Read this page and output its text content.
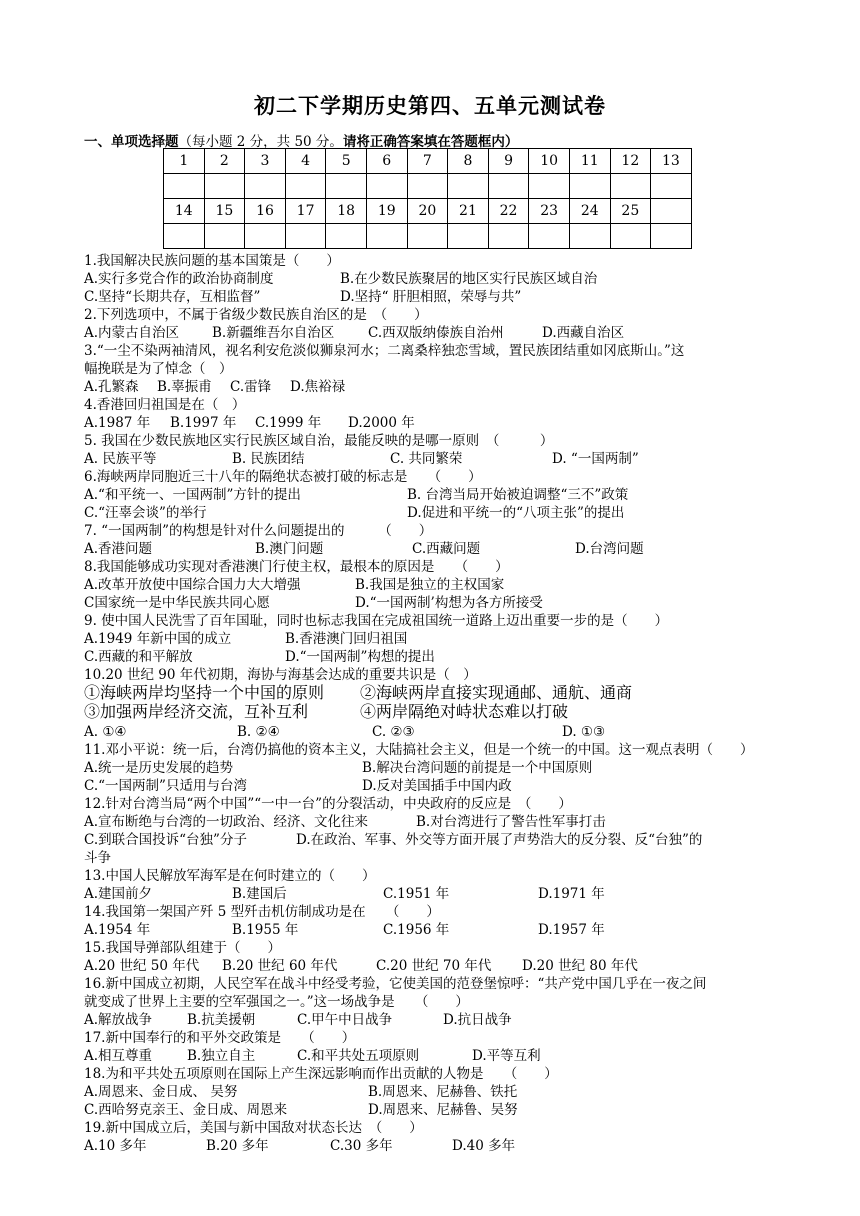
初二下学期历史第四、五单元测试卷
一、单项选择题（每小题 2 分，共 50 分。请将正确答案填在答题框内）
1	2	3	4	5	6	7	8	9	10	11	12	13

14	15	16	17	18	19	20	21	22	23	24	25	

1.我国解决民族问题的基本国策是（　　）
A.实行多党合作的政治协商制度	B.在少数民族聚居的地区实行民族区域自治
C.坚持“长期共存，互相监督”	D.坚持“ 肝胆相照，荣辱与共”
2.下列选项中，不属于省级少数民族自治区的是　（　　）
A.内蒙古自治区 B.新疆维吾尔自治区	C.西双版纳傣族自治州	D.西藏自治区
3.“一尘不染两袖清风，视名利安危淡似狮泉河水；二离桑梓独恋雪域，置民族团结重如冈底斯山。”这
幅挽联是为了悼念（　）
A.孔繁森 B.辜振甫 C.雷锋 D.焦裕禄
4.香港回归祖国是在（　）
A.1987 年 B.1997 年 C.1999 年 D.2000 年
5. 我国在少数民族地区实行民族区域自治，最能反映的是哪一原则　（　　　）
A. 民族平等	B. 民族团结	C. 共同繁荣	D. “一国两制”
6.海峡两岸同胞近三十八年的隔绝状态被打破的标志是　　（　　）
A.“和平统一、一国两制”方针的提出	B. 台湾当局开始被迫调整“三不”政策
C.“汪辜会谈”的举行	D.促进和平统一的“八项主张”的提出
7. “一国两制”的构想是针对什么问题提出的　　　（　　）
A.香港问题	B.澳门问题	C.西藏问题	D.台湾问题
8.我国能够成功实现对香港澳门行使主权，最根本的原因是　　（　　）
A.改革开放使中国综合国力大大增强	B.我国是独立的主权国家
C国家统一是中华民族共同心愿	D.“一国两制’构想为各方所接受
9. 使中国人民洗雪了百年国耻，同时也标志我国在完成祖国统一道路上迈出重要一步的是（　　）
A.1949 年新中国的成立	B.香港澳门回归祖国
C.西藏的和平解放	D.“一国两制”构想的提出
10.20 世纪 90 年代初期，海协与海基会达成的重要共识是（　）
①海峡两岸均坚持一个中国的原则 ②海峡两岸直接实现通邮、通航、通商
③加强两岸经济交流，互补互利	④两岸隔绝对峙状态难以打破
A. ①④	B. ②④	C. ②③	D. ①③
11.邓小平说：统一后，台湾仍搞他的资本主义，大陆搞社会主义，但是一个统一的中国。这一观点表明（　　）
A.统一是历史发展的趋势	B.解决台湾问题的前提是一个中国原则
C.“一国两制”只适用与台湾	D.反对美国插手中国内政
12.针对台湾当局“两个中国”“一中一台”的分裂活动，中央政府的反应是　（　　）
A.宣布断绝与台湾的一切政治、经济、文化往来	B.对台湾进行了警告性军事打击
C.到联合国投诉“台独”分子	D.在政治、军事、外交等方面开展了声势浩大的反分裂、反“台独”的
斗争
13.中国人民解放军海军是在何时建立的（　　）
A.建国前夕	B.建国后	C.1951 年	D.1971 年
14.我国第一架国产歼 5 型歼击机仿制成功是在　　（　　）
A.1954 年	B.1955 年	C.1956 年	D.1957 年
15.我国导弹部队组建于（　　）
A.20 世纪 50 年代 B.20 世纪 60 年代	C.20 世纪 70 年代 D.20 世纪 80 年代
16.新中国成立初期，人民空军在战斗中经受考验，它使美国的范登堡惊呼：“共产党中国几乎在一夜之间
就变成了世界上主要的空军强国之一。”这一场战争是　　（　　）
A.解放战争	B.抗美援朝	C.甲午中日战争	D.抗日战争
17.新中国奉行的和平外交政策是　　（　　）
A.相互尊重	B.独立自主	C.和平共处五项原则	D.平等互利
18.为和平共处五项原则在国际上产生深远影响而作出贡献的人物是　　（　　）
A.周恩来、金日成、 吴努	B.周恩来、尼赫鲁、铁托
C.西哈努克亲王、金日成、周恩来	D.周恩来、尼赫鲁、吴努
19.新中国成立后，美国与新中国敌对状态长达　（　　）
A.10 多年	B.20 多年	C.30 多年	D.40 多年
